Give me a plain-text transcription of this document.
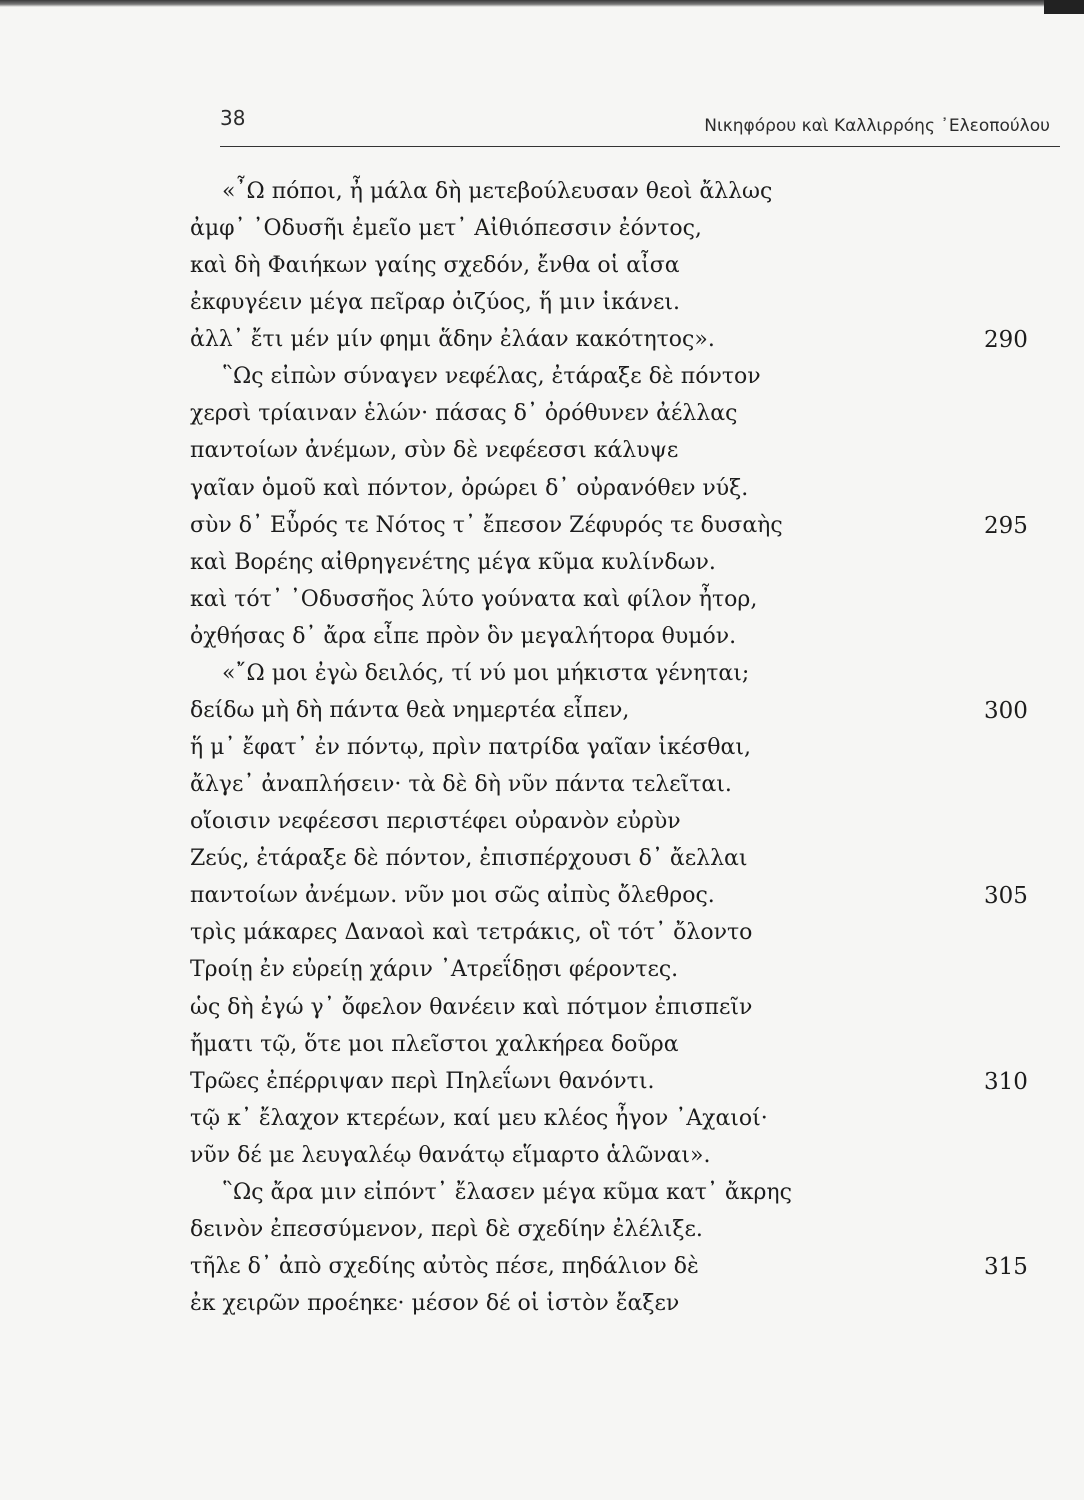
38	Νικηφόρου καὶ Καλλιρρόης ᾿Ελεοπούλου
«῏Ω πόποι, ἦ μάλα δὴ μετεβούλευσαν θεοὶ ἄλλως
ἀμφ᾿ ᾿Οδυσῆι ἐμεῖο μετ᾿ Αἰθιόπεσσιν ἐόντος,
καὶ δὴ Φαιήκων γαίης σχεδόν, ἔνθα οἱ αἶσα
ἐκφυγέειν μέγα πεῖραρ ὀιζύος, ἥ μιν ἱκάνει.
ἀλλ᾿ ἔτι μέν μίν φημι ἅδην ἐλάαν κακότητος».	290
῝Ως εἰπὼν σύναγεν νεφέλας, ἐτάραξε δὲ πόντον
χερσὶ τρίαιναν ἑλών· πάσας δ᾿ ὀρόθυνεν ἀέλλας
παντοίων ἀνέμων, σὺν δὲ νεφέεσσι κάλυψε
γαῖαν ὁμοῦ καὶ πόντον, ὀρώρει δ᾿ οὐρανόθεν νύξ.
σὺν δ᾿ Εὖρός τε Νότος τ᾿ ἔπεσον Ζέφυρός τε δυσαὴς	295
καὶ Βορέης αἰθρηγενέτης μέγα κῦμα κυλίνδων.
καὶ τότ᾿ ᾿Οδυσσῆος λύτο γούνατα καὶ φίλον ἦτορ,
ὀχθήσας δ᾿ ἄρα εἶπε πρὸν ὃν μεγαλήτορα θυμόν.
«῎Ω μοι ἐγὼ δειλός, τί νύ μοι μήκιστα γένηται;
δείδω μὴ δὴ πάντα θεὰ νημερτέα εἶπεν,	300
ἥ μ᾿ ἔφατ᾿ ἐν πόντῳ, πρὶν πατρίδα γαῖαν ἱκέσθαι,
ἄλγε᾿ ἀναπλήσειν· τὰ δὲ δὴ νῦν πάντα τελεῖται.
οἵοισιν νεφέεσσι περιστέφει οὐρανὸν εὐρὺν
Ζεύς, ἐτάραξε δὲ πόντον, ἐπισπέρχουσι δ᾿ ἄελλαι
παντοίων ἀνέμων. νῦν μοι σῶς αἰπὺς ὄλεθρος.	305
τρὶς μάκαρες Δαναοὶ καὶ τετράκις, οἳ τότ᾿ ὄλοντο
Τροίῃ ἐν εὐρείῃ χάριν ᾿Ατρεΐδῃσι φέροντες.
ὡς δὴ ἐγώ γ᾿ ὄφελον θανέειν καὶ πότμον ἐπισπεῖν
ἤματι τῷ, ὅτε μοι πλεῖστοι χαλκήρεα δοῦρα
Τρῶες ἐπέρριψαν περὶ Πηλεΐωνι θανόντι.	310
τῷ κ᾿ ἔλαχον κτερέων, καί μευ κλέος ἦγον ᾿Αχαιοί·
νῦν δέ με λευγαλέῳ θανάτῳ εἵμαρτο ἁλῶναι».
῝Ως ἄρα μιν εἰπόντ᾿ ἔλασεν μέγα κῦμα κατ᾿ ἄκρης
δεινὸν ἐπεσσύμενον, περὶ δὲ σχεδίην ἐλέλιξε.
τῆλε δ᾿ ἀπὸ σχεδίης αὐτὸς πέσε, πηδάλιον δὲ	315
ἐκ χειρῶν προέηκε· μέσον δέ οἱ ἱστὸν ἔαξεν
